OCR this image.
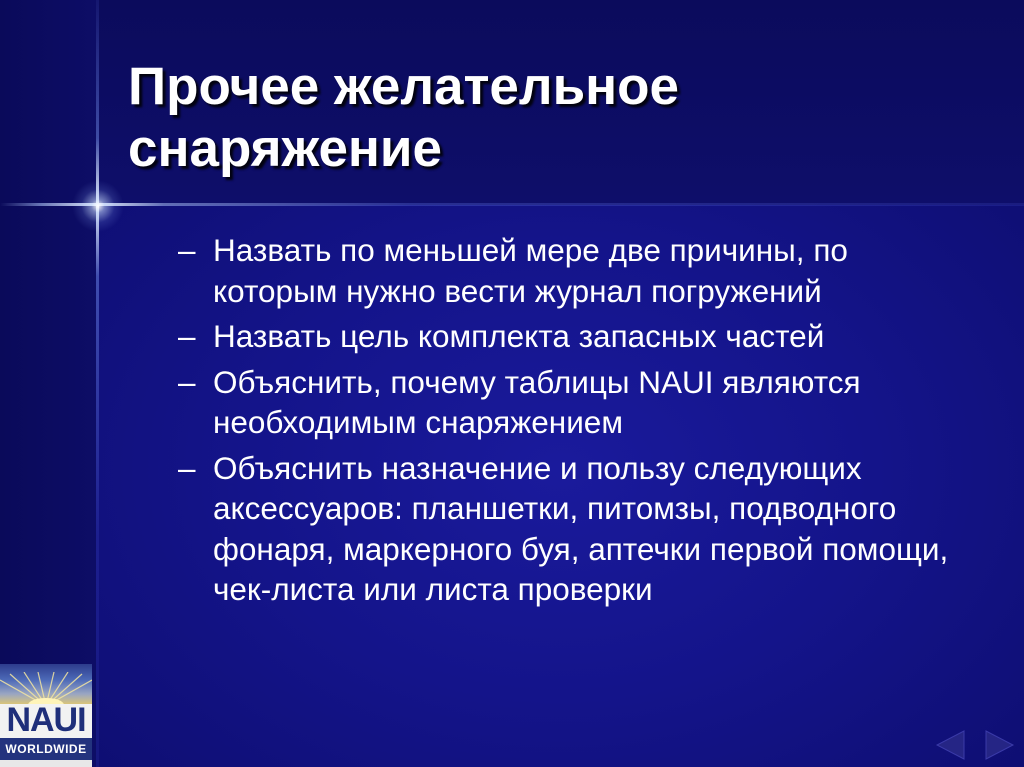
Прочее желательное
снаряжение
– Назвать по меньшей мере две причины, по которым нужно вести журнал погружений
– Назвать цель комплекта запасных частей
– Объяснить, почему таблицы NAUI являются необходимым снаряжением
– Объяснить назначение и пользу следующих аксессуаров: планшетки, питомзы, подводного фонаря, маркерного буя, аптечки первой помощи, чек-листа или листа проверки
NAUI
WORLDWIDE
